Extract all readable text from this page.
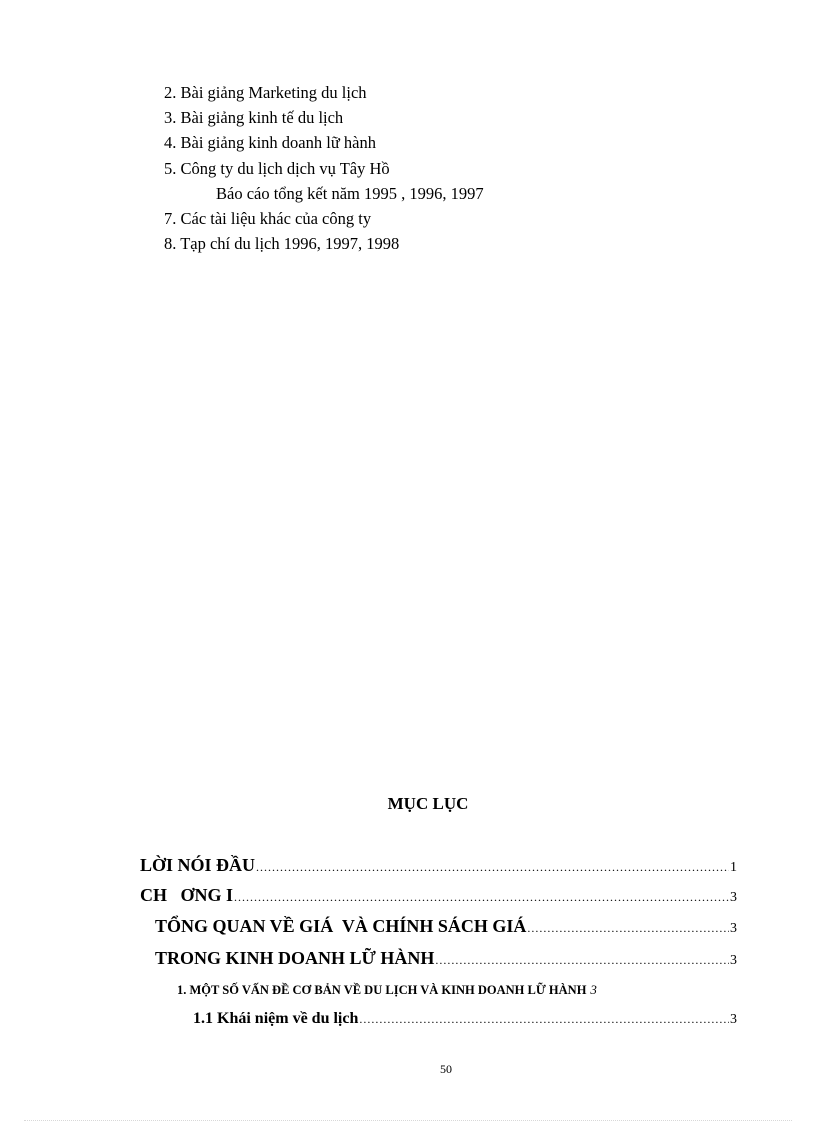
2. Bài giảng Marketing du lịch
3. Bài giảng kinh tế du lịch
4. Bài giảng kinh doanh lữ hành
5. Công ty du lịch dịch vụ Tây Hồ
Báo cáo tổng kết năm 1995 , 1996, 1997
7. Các tài liệu khác của công ty
8. Tạp chí du lịch 1996, 1997, 1998
MỤC LỤC
LỜI NÓI ĐẦU .....	1
CH   ƠNG I .....	3
TỔNG QUAN VỀ GIÁ  VÀ CHÍNH SÁCH GIÁ .....	3
TRONG KINH DOANH LỮ HÀNH .....	3
1. MỘT SỐ VẤN ĐỀ CƠ BẢN VỀ DU LỊCH VÀ KINH DOANH LỮ HÀNH 3
1.1 Khái niệm về du lịch .....	3
50
